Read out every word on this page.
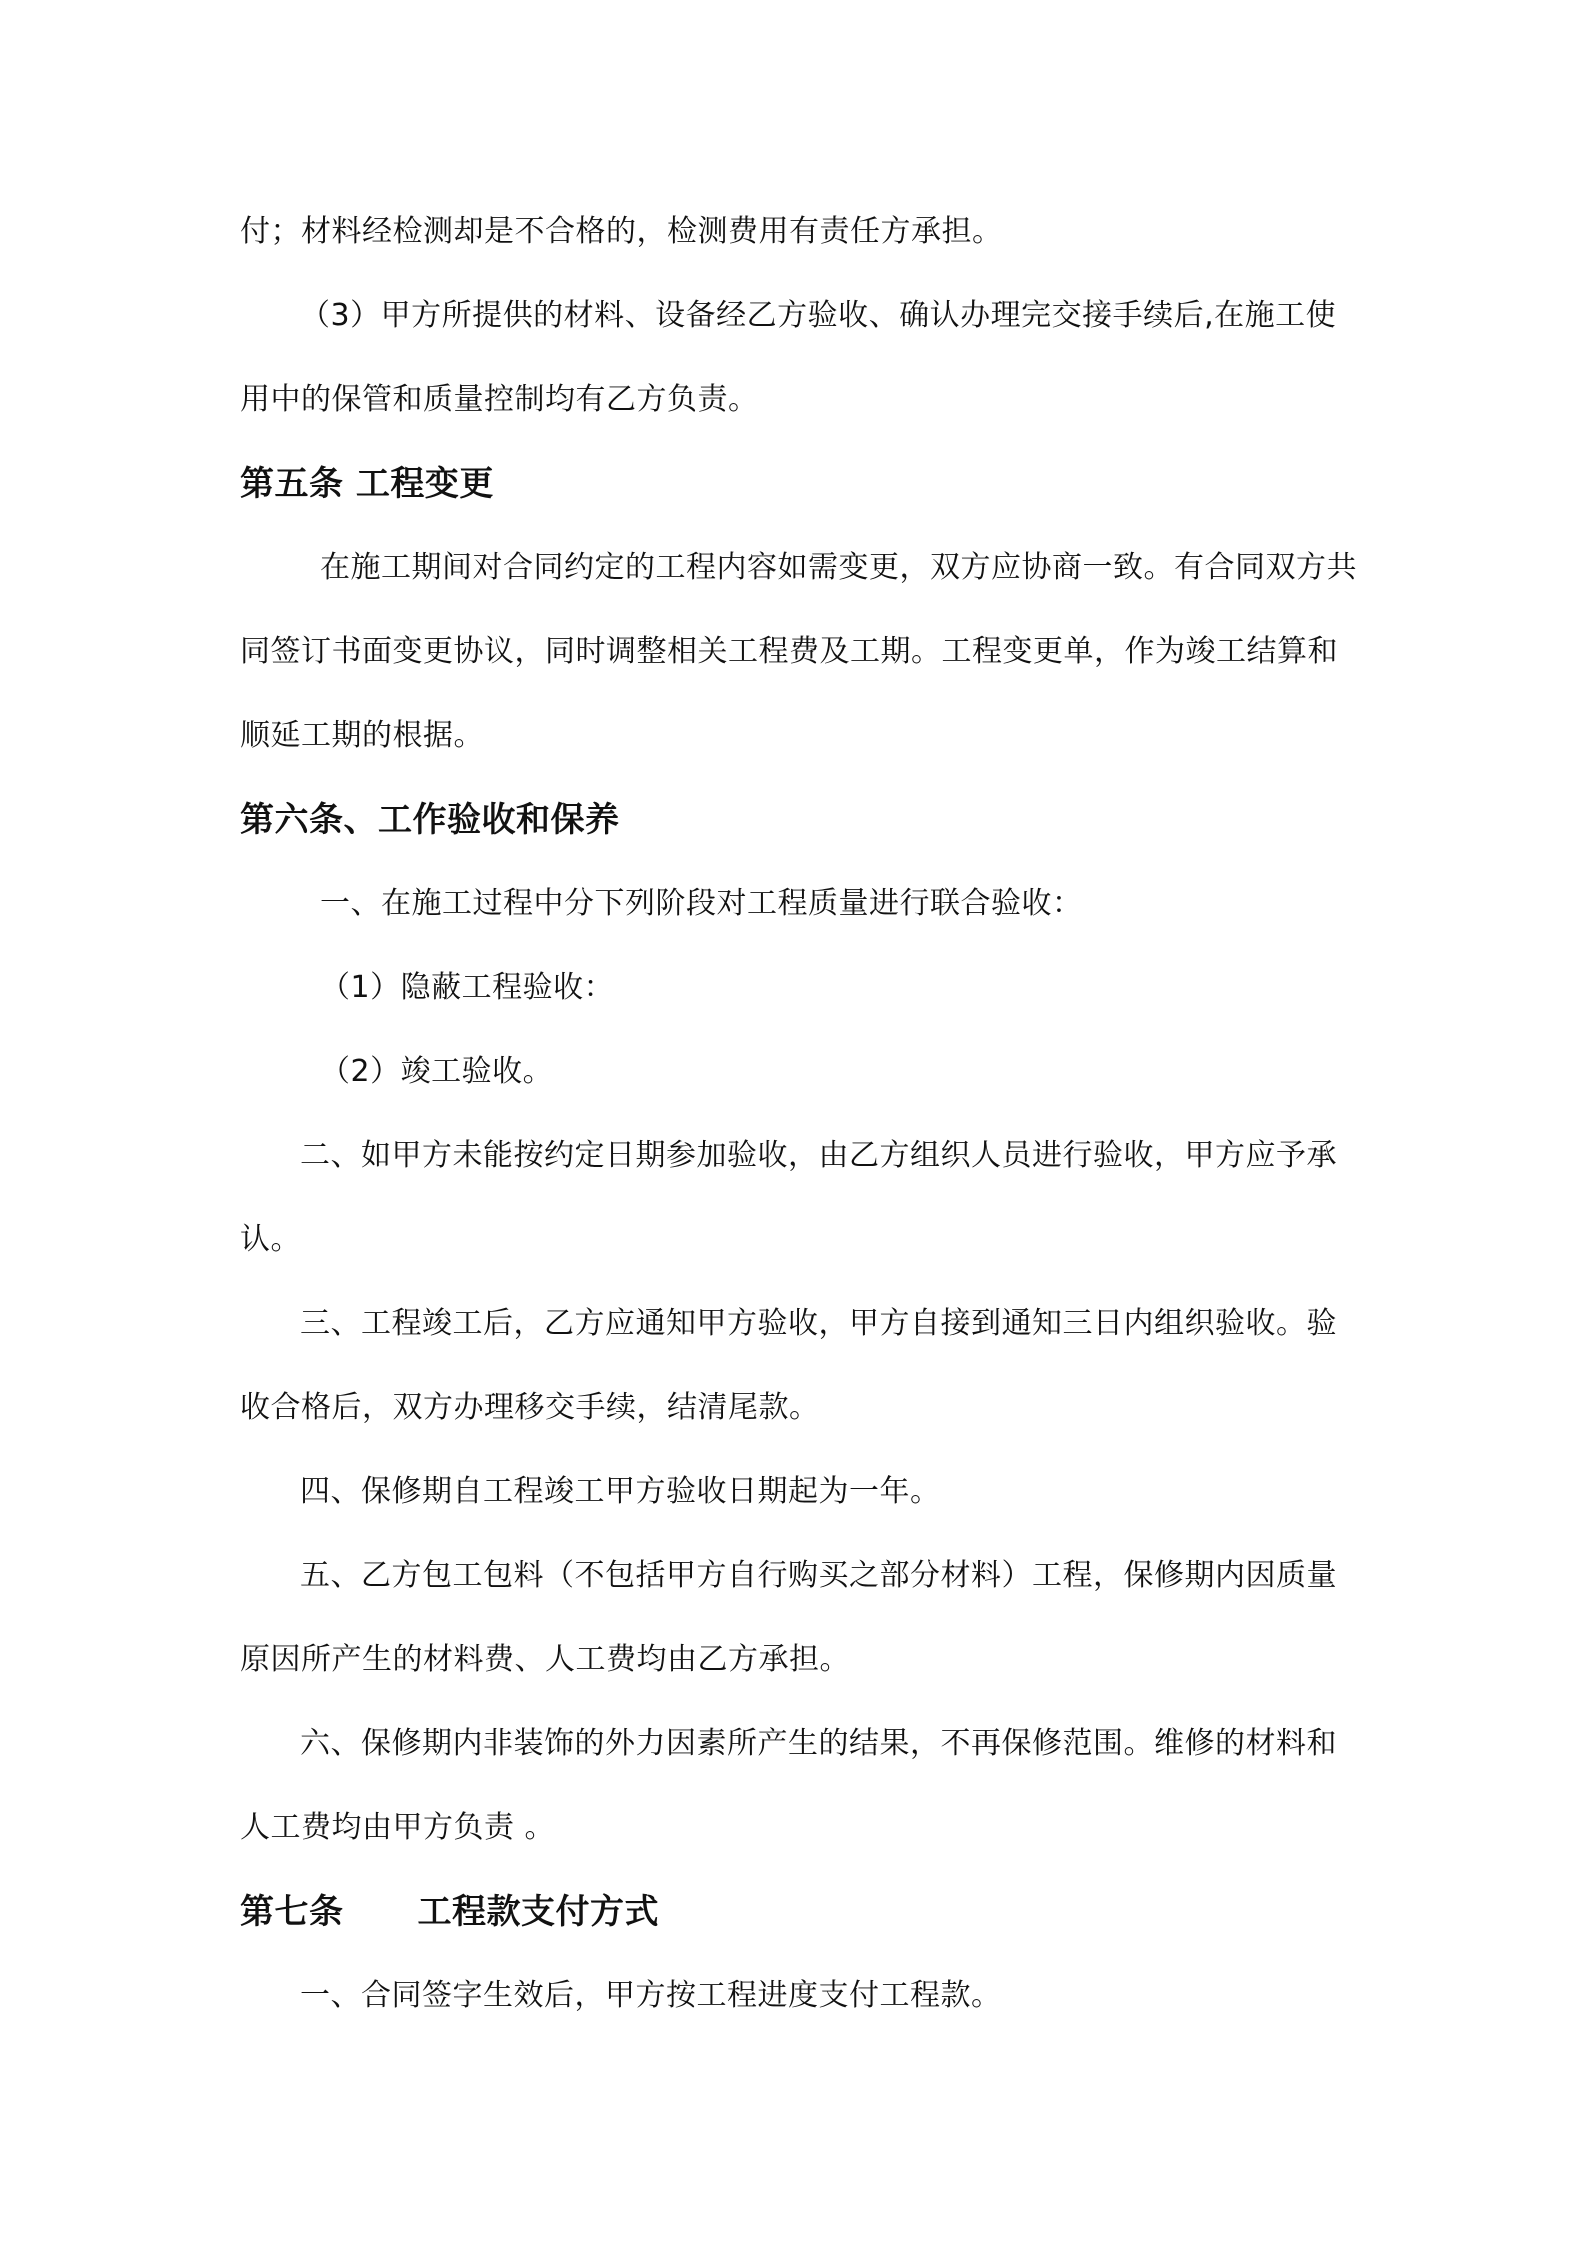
付；材料经检测却是不合格的，检测费用有责任方承担。

（3）甲方所提供的材料、设备经乙方验收、确认办理完交接手续后,在施工使用中的保管和质量控制均有乙方负责。

第五条 工程变更

在施工期间对合同约定的工程内容如需变更，双方应协商一致。有合同双方共同签订书面变更协议，同时调整相关工程费及工期。工程变更单，作为竣工结算和顺延工期的根据。

第六条、工作验收和保养

一、在施工过程中分下列阶段对工程质量进行联合验收：

（1）隐蔽工程验收：

（2）竣工验收。

二、如甲方未能按约定日期参加验收，由乙方组织人员进行验收，甲方应予承认。

三、工程竣工后，乙方应通知甲方验收，甲方自接到通知三日内组织验收。验收合格后，双方办理移交手续，结清尾款。

四、保修期自工程竣工甲方验收日期起为一年。

五、乙方包工包料（不包括甲方自行购买之部分材料）工程，保修期内因质量原因所产生的材料费、人工费均由乙方承担。

六、保修期内非装饰的外力因素所产生的结果，不再保修范围。维修的材料和人工费均由甲方负责 。

第七条      工程款支付方式

一、合同签字生效后，甲方按工程进度支付工程款。
